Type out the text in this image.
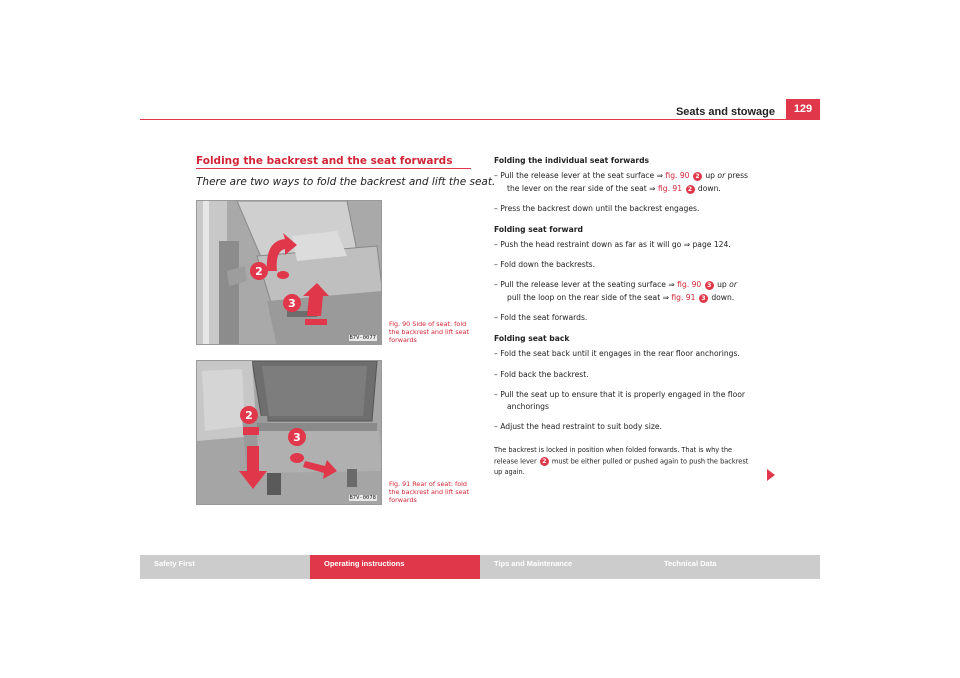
Seats and stowage	129
Folding the backrest and the seat forwards
There are two ways to fold the backrest and lift the seat.
2
3
B7V-0077
Fig. 90 Side of seat: fold the backrest and lift seat forwards
2
3
B7V-0078
Fig. 91 Rear of seat: fold the backrest and lift seat forwards
Folding the individual seat forwards
– Pull the release lever at the seat surface ⇒ fig. 90 2 up or press
the lever on the rear side of the seat ⇒ fig. 91 2 down.
– Press the backrest down until the backrest engages.
Folding seat forward
– Push the head restraint down as far as it will go ⇒ page 124.
– Fold down the backrests.
– Pull the release lever at the seating surface ⇒ fig. 90 3 up or
pull the loop on the rear side of the seat ⇒ fig. 91 3 down.
– Fold the seat forwards.
Folding seat back
– Fold the seat back until it engages in the rear floor anchorings.
– Fold back the backrest.
– Pull the seat up to ensure that it is properly engaged in the floor
anchorings
– Adjust the head restraint to suit body size.
The backrest is locked in position when folded forwards. That is why the
release lever 2 must be either pulled or pushed again to push the backrest
up again.
Safety First	Operating instructions	Tips and Maintenance	Technical Data
